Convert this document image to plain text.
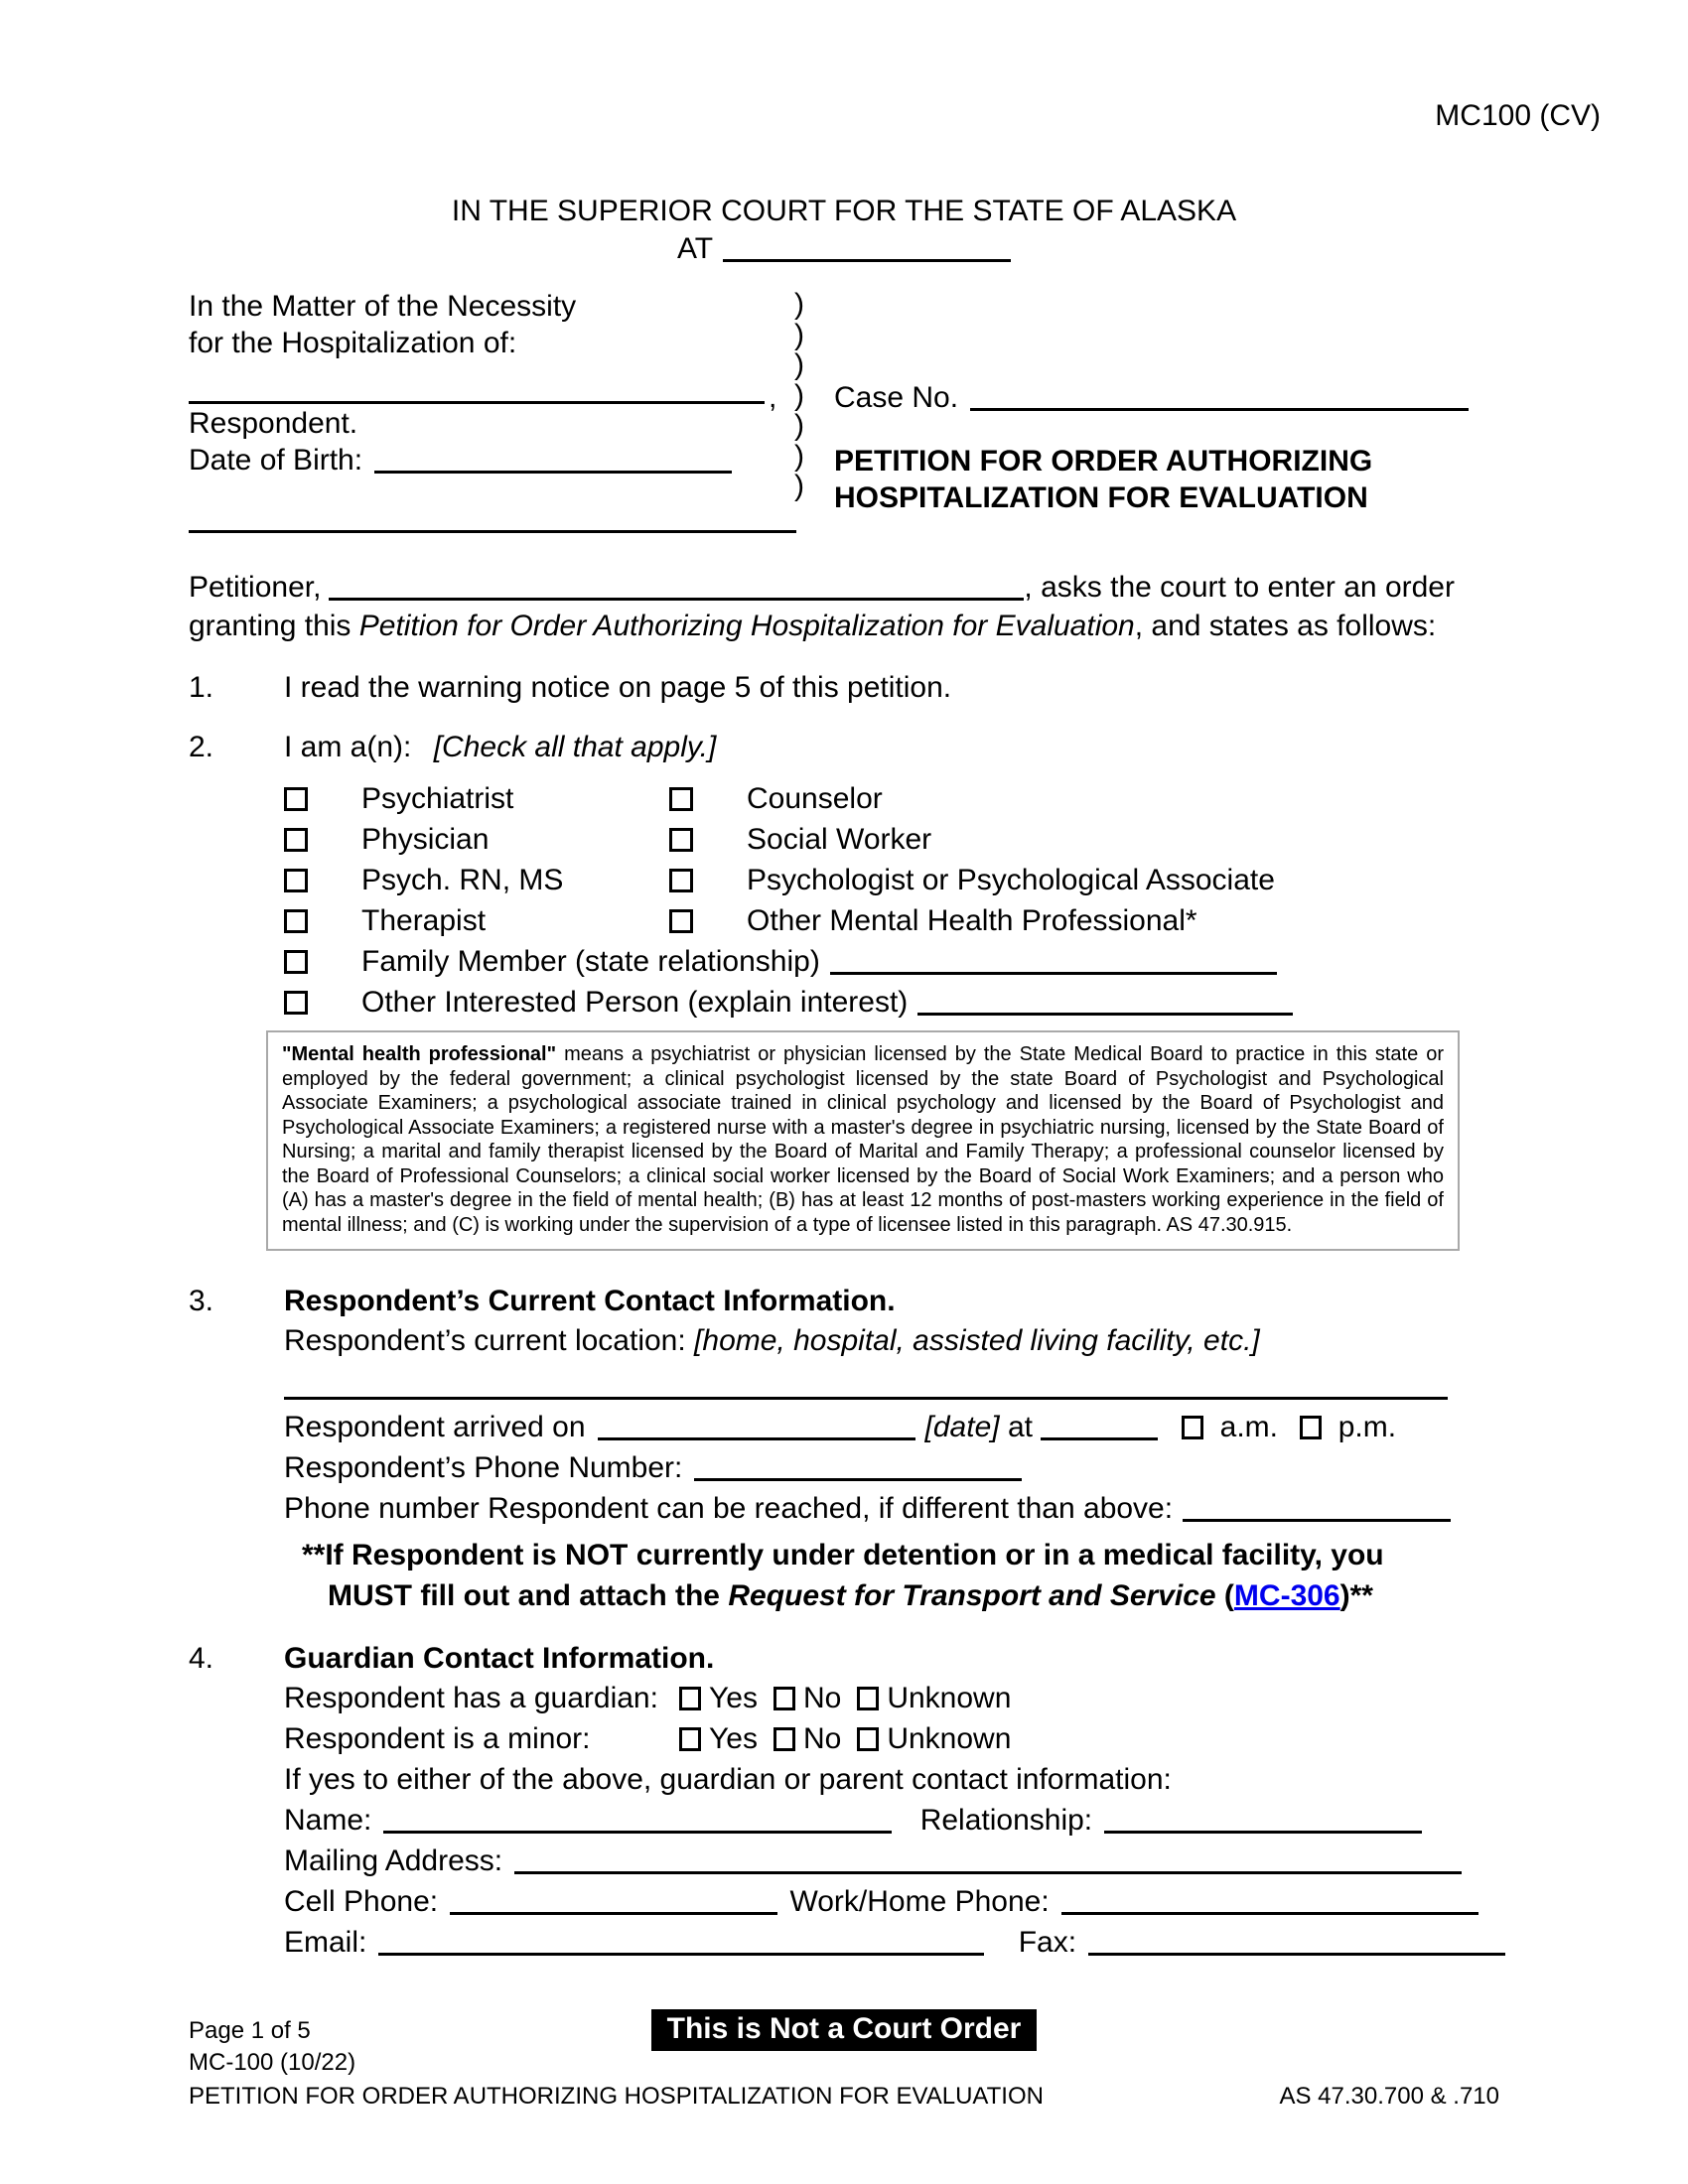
MC100 (CV)
IN THE SUPERIOR COURT FOR THE STATE OF ALASKA
AT
In the Matter of the Necessity
for the Hospitalization of:
,
Respondent.
Date of Birth:
)
)
)
)
)
)
)
Case No.
PETITION FOR ORDER AUTHORIZING
HOSPITALIZATION FOR EVALUATION
Petitioner,	, asks the court to enter an order
granting this Petition for Order Authorizing Hospitalization for Evaluation, and states as follows:
1.	I read the warning notice on page 5 of this petition.
2.	I am a(n): [Check all that apply.]
Psychiatrist	Counselor
Physician	Social Worker
Psych. RN, MS	Psychologist or Psychological Associate
Therapist	Other Mental Health Professional*
Family Member (state relationship)
Other Interested Person (explain interest)
"Mental health professional" means a psychiatrist or physician licensed by the State Medical Board to practice in this state or employed by the federal government; a clinical psychologist licensed by the state Board of Psychologist and Psychological Associate Examiners; a psychological associate trained in clinical psychology and licensed by the Board of Psychologist and Psychological Associate Examiners; a registered nurse with a master's degree in psychiatric nursing, licensed by the State Board of Nursing; a marital and family therapist licensed by the Board of Marital and Family Therapy; a professional counselor licensed by the Board of Professional Counselors; a clinical social worker licensed by the Board of Social Work Examiners; and a person who (A) has a master's degree in the field of mental health; (B) has at least 12 months of post-masters working experience in the field of mental illness; and (C) is working under the supervision of a type of licensee listed in this paragraph. AS 47.30.915.
3.	Respondent’s Current Contact Information.
Respondent’s current location: [home, hospital, assisted living facility, etc.]
Respondent arrived on	[date] at	a.m. p.m.
Respondent’s Phone Number:
Phone number Respondent can be reached, if different than above:
**If Respondent is NOT currently under detention or in a medical facility, you
MUST fill out and attach the Request for Transport and Service (MC-306)**
4.	Guardian Contact Information.
Respondent has a guardian: Yes No Unknown
Respondent is a minor:	Yes No Unknown
If yes to either of the above, guardian or parent contact information:
Name:	Relationship:
Mailing Address:
Cell Phone:	Work/Home Phone:
Email:	Fax:
Page 1 of 5
MC-100 (10/22)
PETITION FOR ORDER AUTHORIZING HOSPITALIZATION FOR EVALUATION	AS 47.30.700 & .710
This is Not a Court Order
